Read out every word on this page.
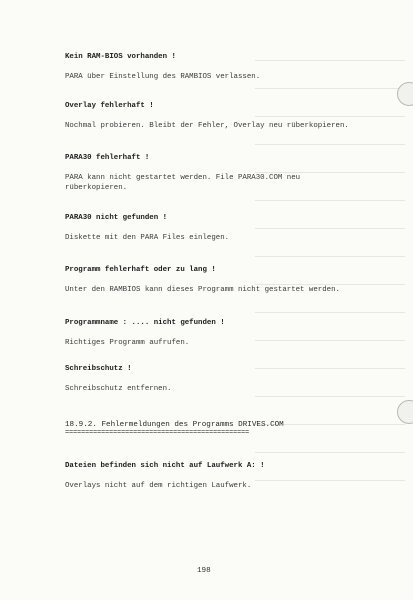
Kein RAM-BIOS vorhanden !
PARA über Einstellung des RAMBIOS verlassen.
Overlay fehlerhaft !
Nochmal probieren. Bleibt der Fehler, Overlay neu rüberkopieren.
PARA30 fehlerhaft !
PARA kann nicht gestartet werden. File PARA30.COM neu rüberkopieren.
PARA30 nicht gefunden !
Diskette mit den PARA Files einlegen.
Programm fehlerhaft oder zu lang !
Unter den RAMBIOS kann dieses Programm nicht gestartet werden.
Programmname : .... nicht gefunden !
Richtiges Programm aufrufen.
Schreibschutz !
Schreibschutz entfernen.
18.9.2. Fehlermeldungen des Programms DRIVES.COM
==============================================
Dateien befinden sich nicht auf Laufwerk A: !
Overlays nicht auf dem richtigen Laufwerk.
198
